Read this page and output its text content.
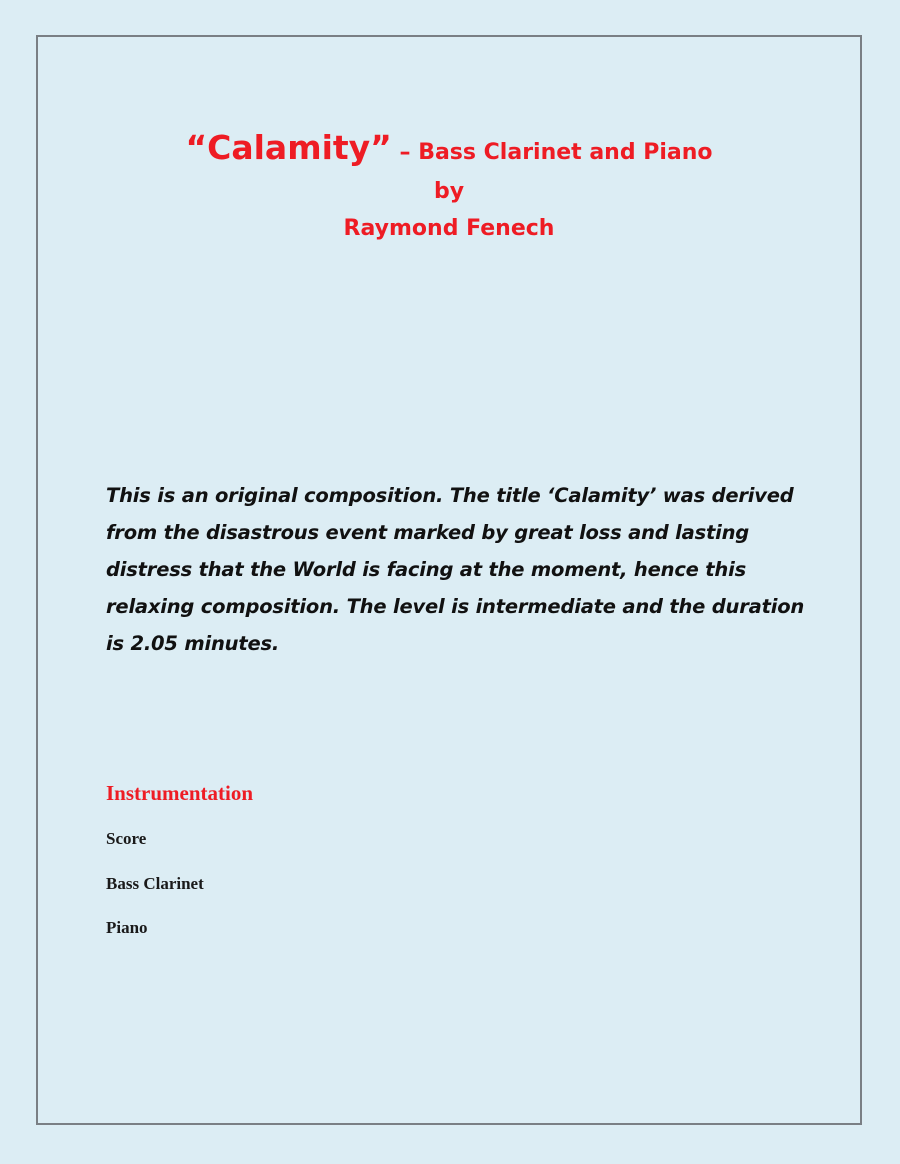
“Calamity” – Bass Clarinet and Piano
by
Raymond Fenech
This is an original composition. The title ‘Calamity’ was derived from the disastrous event marked by great loss and lasting distress that the World is facing at the moment, hence this relaxing composition. The level is intermediate and the duration is 2.05 minutes.
Instrumentation
Score
Bass Clarinet
Piano
